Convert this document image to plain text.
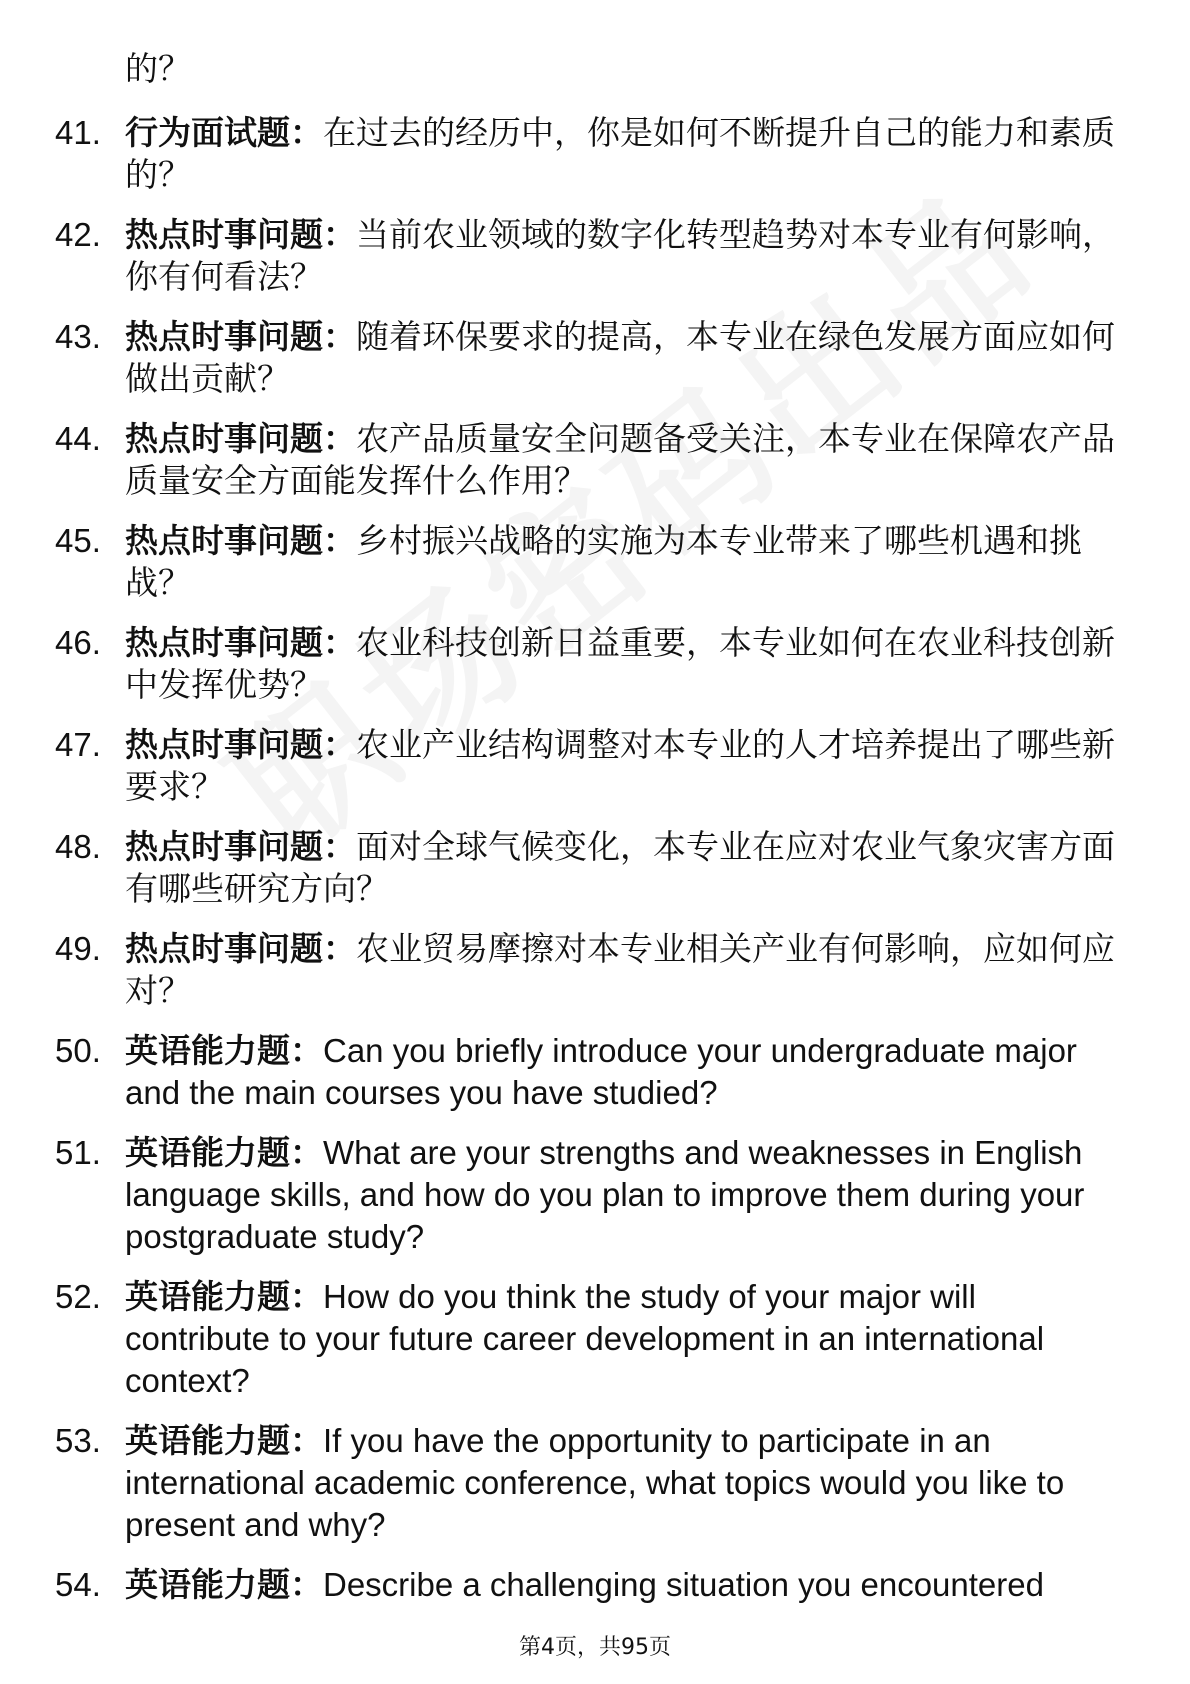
的？
41. 行为面试题：在过去的经历中，你是如何不断提升自己的能力和素质的？
42. 热点时事问题：当前农业领域的数字化转型趋势对本专业有何影响，你有何看法？
43. 热点时事问题：随着环保要求的提高，本专业在绿色发展方面应如何做出贡献？
44. 热点时事问题：农产品质量安全问题备受关注，本专业在保障农产品质量安全方面能发挥什么作用？
45. 热点时事问题：乡村振兴战略的实施为本专业带来了哪些机遇和挑战？
46. 热点时事问题：农业科技创新日益重要，本专业如何在农业科技创新中发挥优势？
47. 热点时事问题：农业产业结构调整对本专业的人才培养提出了哪些新要求？
48. 热点时事问题：面对全球气候变化，本专业在应对农业气象灾害方面有哪些研究方向？
49. 热点时事问题：农业贸易摩擦对本专业相关产业有何影响，应如何应对？
50. 英语能力题：Can you briefly introduce your undergraduate major and the main courses you have studied?
51. 英语能力题：What are your strengths and weaknesses in English language skills, and how do you plan to improve them during your postgraduate study?
52. 英语能力题：How do you think the study of your major will contribute to your future career development in an international context?
53. 英语能力题：If you have the opportunity to participate in an international academic conference, what topics would you like to present and why?
54. 英语能力题：Describe a challenging situation you encountered
第4页，共95页
